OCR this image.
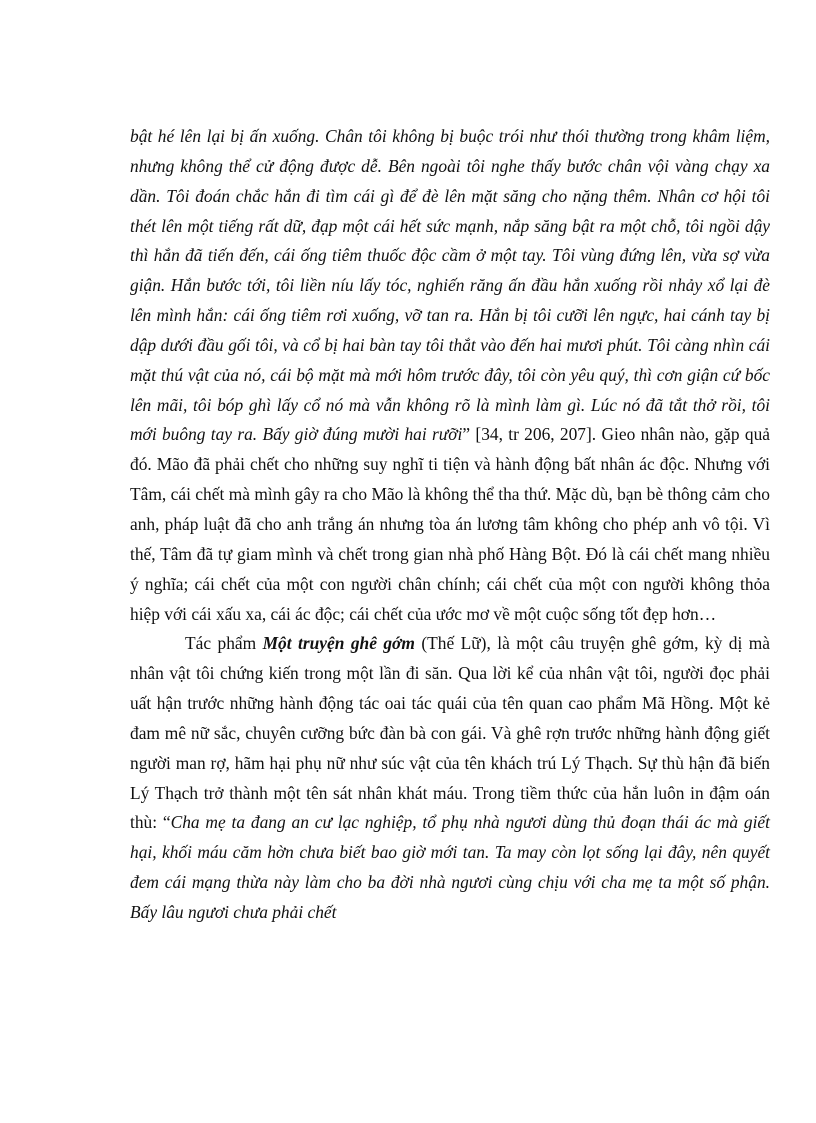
bật hé lên lại bị ấn xuống. Chân tôi không bị buộc trói như thói thường trong khâm liệm, nhưng không thể cử động được dễ. Bên ngoài tôi nghe thấy bước chân vội vàng chạy xa dần. Tôi đoán chắc hắn đi tìm cái gì để đè lên mặt săng cho nặng thêm. Nhân cơ hội tôi thét lên một tiếng rất dữ, đạp một cái hết sức mạnh, nắp săng bật ra một chỗ, tôi ngồi dậy thì hắn đã tiến đến, cái ống tiêm thuốc độc cầm ở một tay. Tôi vùng đứng lên, vừa sợ vừa giận. Hắn bước tới, tôi liền níu lấy tóc, nghiến răng ấn đầu hắn xuống rồi nhảy xổ lại đè lên mình hắn: cái ống tiêm rơi xuống, vỡ tan ra. Hắn bị tôi cưỡi lên ngực, hai cánh tay bị dập dưới đầu gối tôi, và cổ bị hai bàn tay tôi thắt vào đến hai mươi phút. Tôi càng nhìn cái mặt thú vật của nó, cái bộ mặt mà mới hôm trước đây, tôi còn yêu quý, thì cơn giận cứ bốc lên mãi, tôi bóp ghì lấy cổ nó mà vẫn không rõ là mình làm gì. Lúc nó đã tắt thở rồi, tôi mới buông tay ra. Bấy giờ đúng mười hai rưỡi” [34, tr 206, 207]. Gieo nhân nào, gặp quả đó. Mão đã phải chết cho những suy nghĩ ti tiện và hành động bất nhân ác độc. Nhưng với Tâm, cái chết mà mình gây ra cho Mão là không thể tha thứ. Mặc dù, bạn bè thông cảm cho anh, pháp luật đã cho anh trắng án nhưng tòa án lương tâm không cho phép anh vô tội. Vì thế, Tâm đã tự giam mình và chết trong gian nhà phố Hàng Bột. Đó là cái chết mang nhiều ý nghĩa; cái chết của một con người chân chính; cái chết của một con người không thỏa hiệp với cái xấu xa, cái ác độc; cái chết của ước mơ về một cuộc sống tốt đẹp hơn…

Tác phẩm Một truyện ghê gớm (Thế Lữ), là một câu truyện ghê gớm, kỳ dị mà nhân vật tôi chứng kiến trong một lần đi săn. Qua lời kể của nhân vật tôi, người đọc phải uất hận trước những hành động tác oai tác quái của tên quan cao phẩm Mã Hồng. Một kẻ đam mê nữ sắc, chuyên cưỡng bức đàn bà con gái. Và ghê rợn trước những hành động giết người man rợ, hãm hại phụ nữ như súc vật của tên khách trú Lý Thạch. Sự thù hận đã biến Lý Thạch trở thành một tên sát nhân khát máu. Trong tiềm thức của hắn luôn in đậm oán thù: “Cha mẹ ta đang an cư lạc nghiệp, tổ phụ nhà ngươi dùng thủ đoạn thái ác mà giết hại, khối máu căm hờn chưa biết bao giờ mới tan. Ta may còn lọt sống lại đây, nên quyết đem cái mạng thừa này làm cho ba đời nhà ngươi cùng chịu với cha mẹ ta một số phận. Bấy lâu ngươi chưa phải chết
